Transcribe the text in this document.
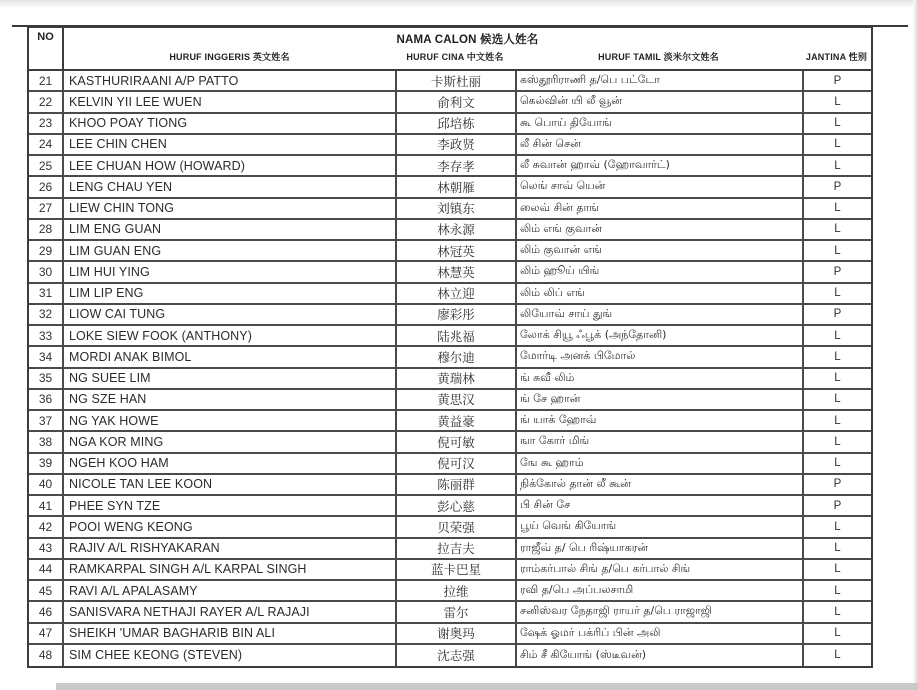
NO	NAMA CALON 候选人姓名
HURUF INGGERIS 英文姓名	HURUF CINA 中文姓名	HURUF TAMIL 淡米尔文姓名	JANTINA 性别
21	KASTHURIRAANI A/P PATTO	卡斯杜丽	கஸ்தூரிராணி த/பெ பட்டோ	P
22	KELVIN YII LEE WUEN	俞利文	கெல்வின் யி லீ வூன்	L
23	KHOO POAY TIONG	邱培栋	கூ பொய் தியோங்	L
24	LEE CHIN CHEN	李政贤	லீ சின் சென்	L
25	LEE CHUAN HOW (HOWARD)	李存孝	லீ சுவான் ஹாவ் (ஹோவார்ட்)	L
26	LENG CHAU YEN	林朝雁	லெங் சாவ் யென்	P
27	LIEW CHIN TONG	刘镇东	லைவ் சின் தாங்	L
28	LIM ENG GUAN	林永源	லிம் எங் குவான்	L
29	LIM GUAN ENG	林冠英	லிம் குவான் எங்	L
30	LIM HUI YING	林慧英	லிம் ஹூய் யிங்	P
31	LIM LIP ENG	林立迎	லிம் லிப் எங்	L
32	LIOW CAI TUNG	廖彩彤	லியோவ் சாய் துங்	P
33	LOKE SIEW FOOK (ANTHONY)	陆兆福	லோக் சியூ ஃபூக் (அந்தோனி)	L
34	MORDI ANAK BIMOL	穆尔迪	மோர்டி அனக் பிமோல்	L
35	NG SUEE LIM	黄瑞林	ங் சுவீ லிம்	L
36	NG SZE HAN	黄思汉	ங் சே ஹான்	L
37	NG YAK HOWE	黄益豪	ங் யாக் ஹோவ்	L
38	NGA KOR MING	倪可敏	ஙா கோர் மிங்	L
39	NGEH KOO HAM	倪可汉	ஙே கூ ஹாம்	L
40	NICOLE TAN LEE KOON	陈丽群	நிக்கோல் தான் லீ கூன்	P
41	PHEE SYN TZE	彭心慈	பி சின் சே	P
42	POOI WENG KEONG	贝荣强	பூய் வெங் கியோங்	L
43	RAJIV A/L RISHYAKARAN	拉吉夫	ராஜீவ் த/ பெ ரிஷ்யாகரன்	L
44	RAMKARPAL SINGH A/L KARPAL SINGH	蓝卡巴星	ராம்கர்பால் சிங் த/பெ கர்பால் சிங்	L
45	RAVI A/L APALASAMY	拉维	ரவி த/பெ அப்பலசாமி	L
46	SANISVARA NETHAJI RAYER A/L RAJAJI	雷尔	சனிஸ்வர நேதாஜி ராயர் த/பெ ராஜாஜி	L
47	SHEIKH 'UMAR BAGHARIB BIN ALI	谢奥玛	ஷேக் ஓமர் பக்ரிப் பின் அலி	L
48	SIM CHEE KEONG (STEVEN)	沈志强	சிம் சீ கியோங் (ஸ்டீவன்)	L
